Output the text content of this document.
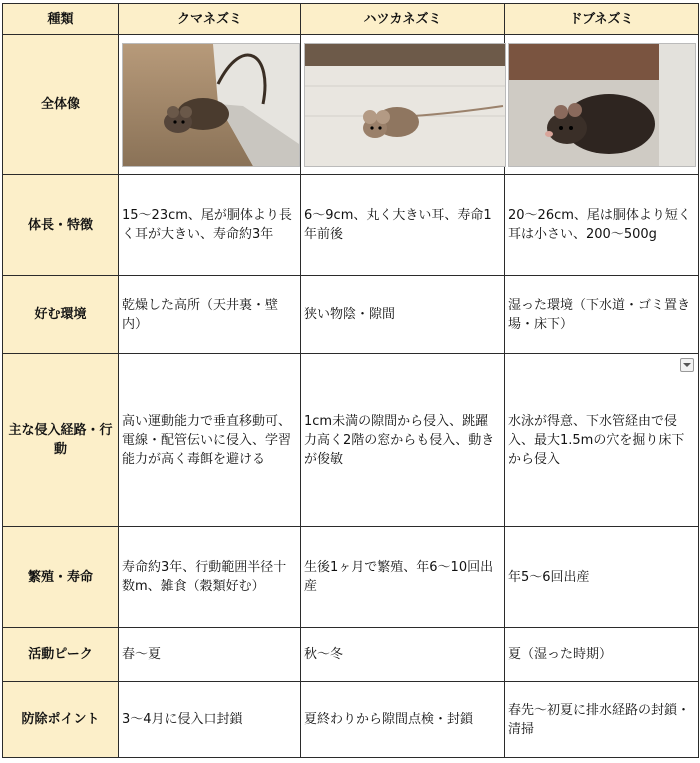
種類	クマネズミ	ハツカネズミ	ドブネズミ
全体像	

体長・特徴	15〜23cm、尾が胴体より長く耳が大きい、寿命約3年	6〜9cm、丸く大きい耳、寿命1年前後	20〜26cm、尾は胴体より短く耳は小さい、200〜500g
好む環境	乾燥した高所（天井裏・壁内）	狭い物陰・隙間	湿った環境（下水道・ゴミ置き場・床下）
主な侵入経路・行動	高い運動能力で垂直移動可、電線・配管伝いに侵入、学習能力が高く毒餌を避ける	1cm未満の隙間から侵入、跳躍力高く2階の窓からも侵入、動きが俊敏	水泳が得意、下水管経由で侵入、最大1.5mの穴を掘り床下から侵入

繁殖・寿命	寿命約3年、行動範囲半径十数m、雑食（穀類好む）	生後1ヶ月で繁殖、年6〜10回出産	年5〜6回出産
活動ピーク	春〜夏	秋〜冬	夏（湿った時期）
防除ポイント	3〜4月に侵入口封鎖	夏終わりから隙間点検・封鎖	春先〜初夏に排水経路の封鎖・清掃
